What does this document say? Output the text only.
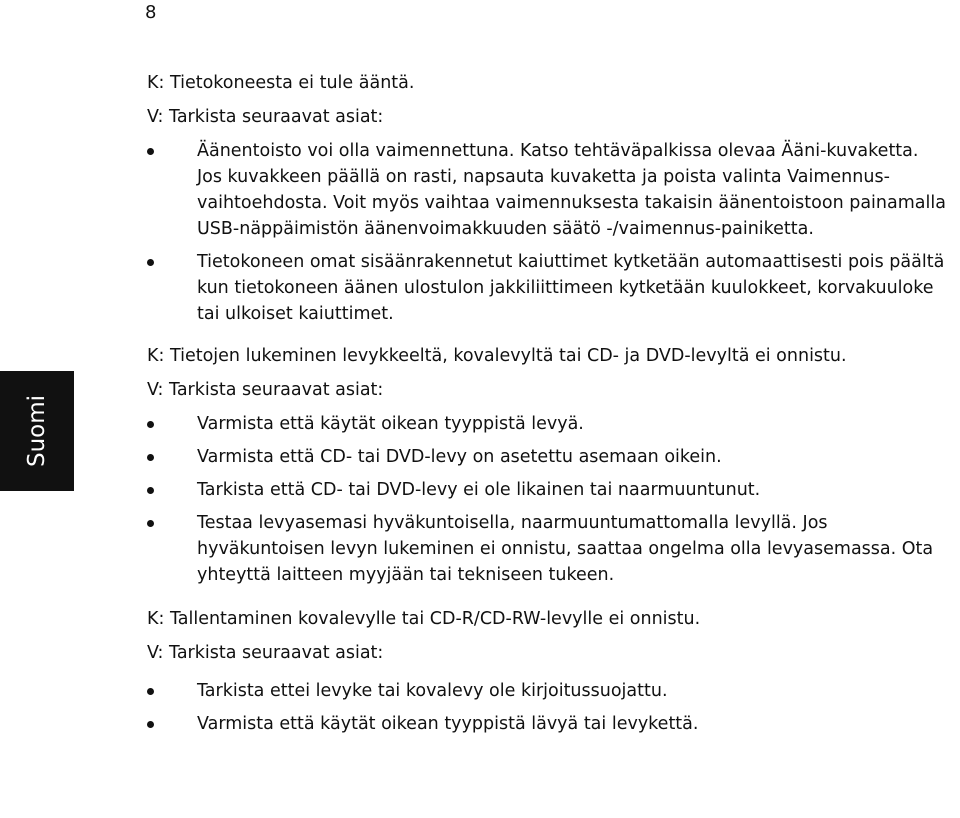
8
Suomi

K: Tietokoneesta ei tule ääntä.

V: Tarkista seuraavat asiat:

Äänentoisto voi olla vaimennettuna. Katso tehtäväpalkissa olevaa Ääni-kuvaketta. Jos kuvakkeen päällä on rasti, napsauta kuvaketta ja poista valinta Vaimennus-vaihtoehdosta. Voit myös vaihtaa vaimennuksesta takaisin äänentoistoon painamalla USB-näppäimistön äänenvoimakkuuden säätö -/vaimennus-painiketta.
Tietokoneen omat sisäänrakennetut kaiuttimet kytketään automaattisesti pois päältä kun tietokoneen äänen ulostulon jakkiliittimeen kytketään kuulokkeet, korvakuuloke tai ulkoiset kaiuttimet.

K: Tietojen lukeminen levykkeeltä, kovalevyltä tai CD- ja DVD-levyltä ei onnistu.

V: Tarkista seuraavat asiat:

Varmista että käytät oikean tyyppistä levyä.
Varmista että CD- tai DVD-levy on asetettu asemaan oikein.
Tarkista että CD- tai DVD-levy ei ole likainen tai naarmuuntunut.
Testaa levyasemasi hyväkuntoisella, naarmuuntumattomalla levyllä. Jos hyväkuntoisen levyn lukeminen ei onnistu, saattaa ongelma olla levyasemassa. Ota yhteyttä laitteen myyjään tai tekniseen tukeen.

K: Tallentaminen kovalevylle tai CD-R/CD-RW-levylle ei onnistu.

V: Tarkista seuraavat asiat:

Tarkista ettei levyke tai kovalevy ole kirjoitussuojattu.
Varmista että käytät oikean tyyppistä lävyä tai levykettä.
